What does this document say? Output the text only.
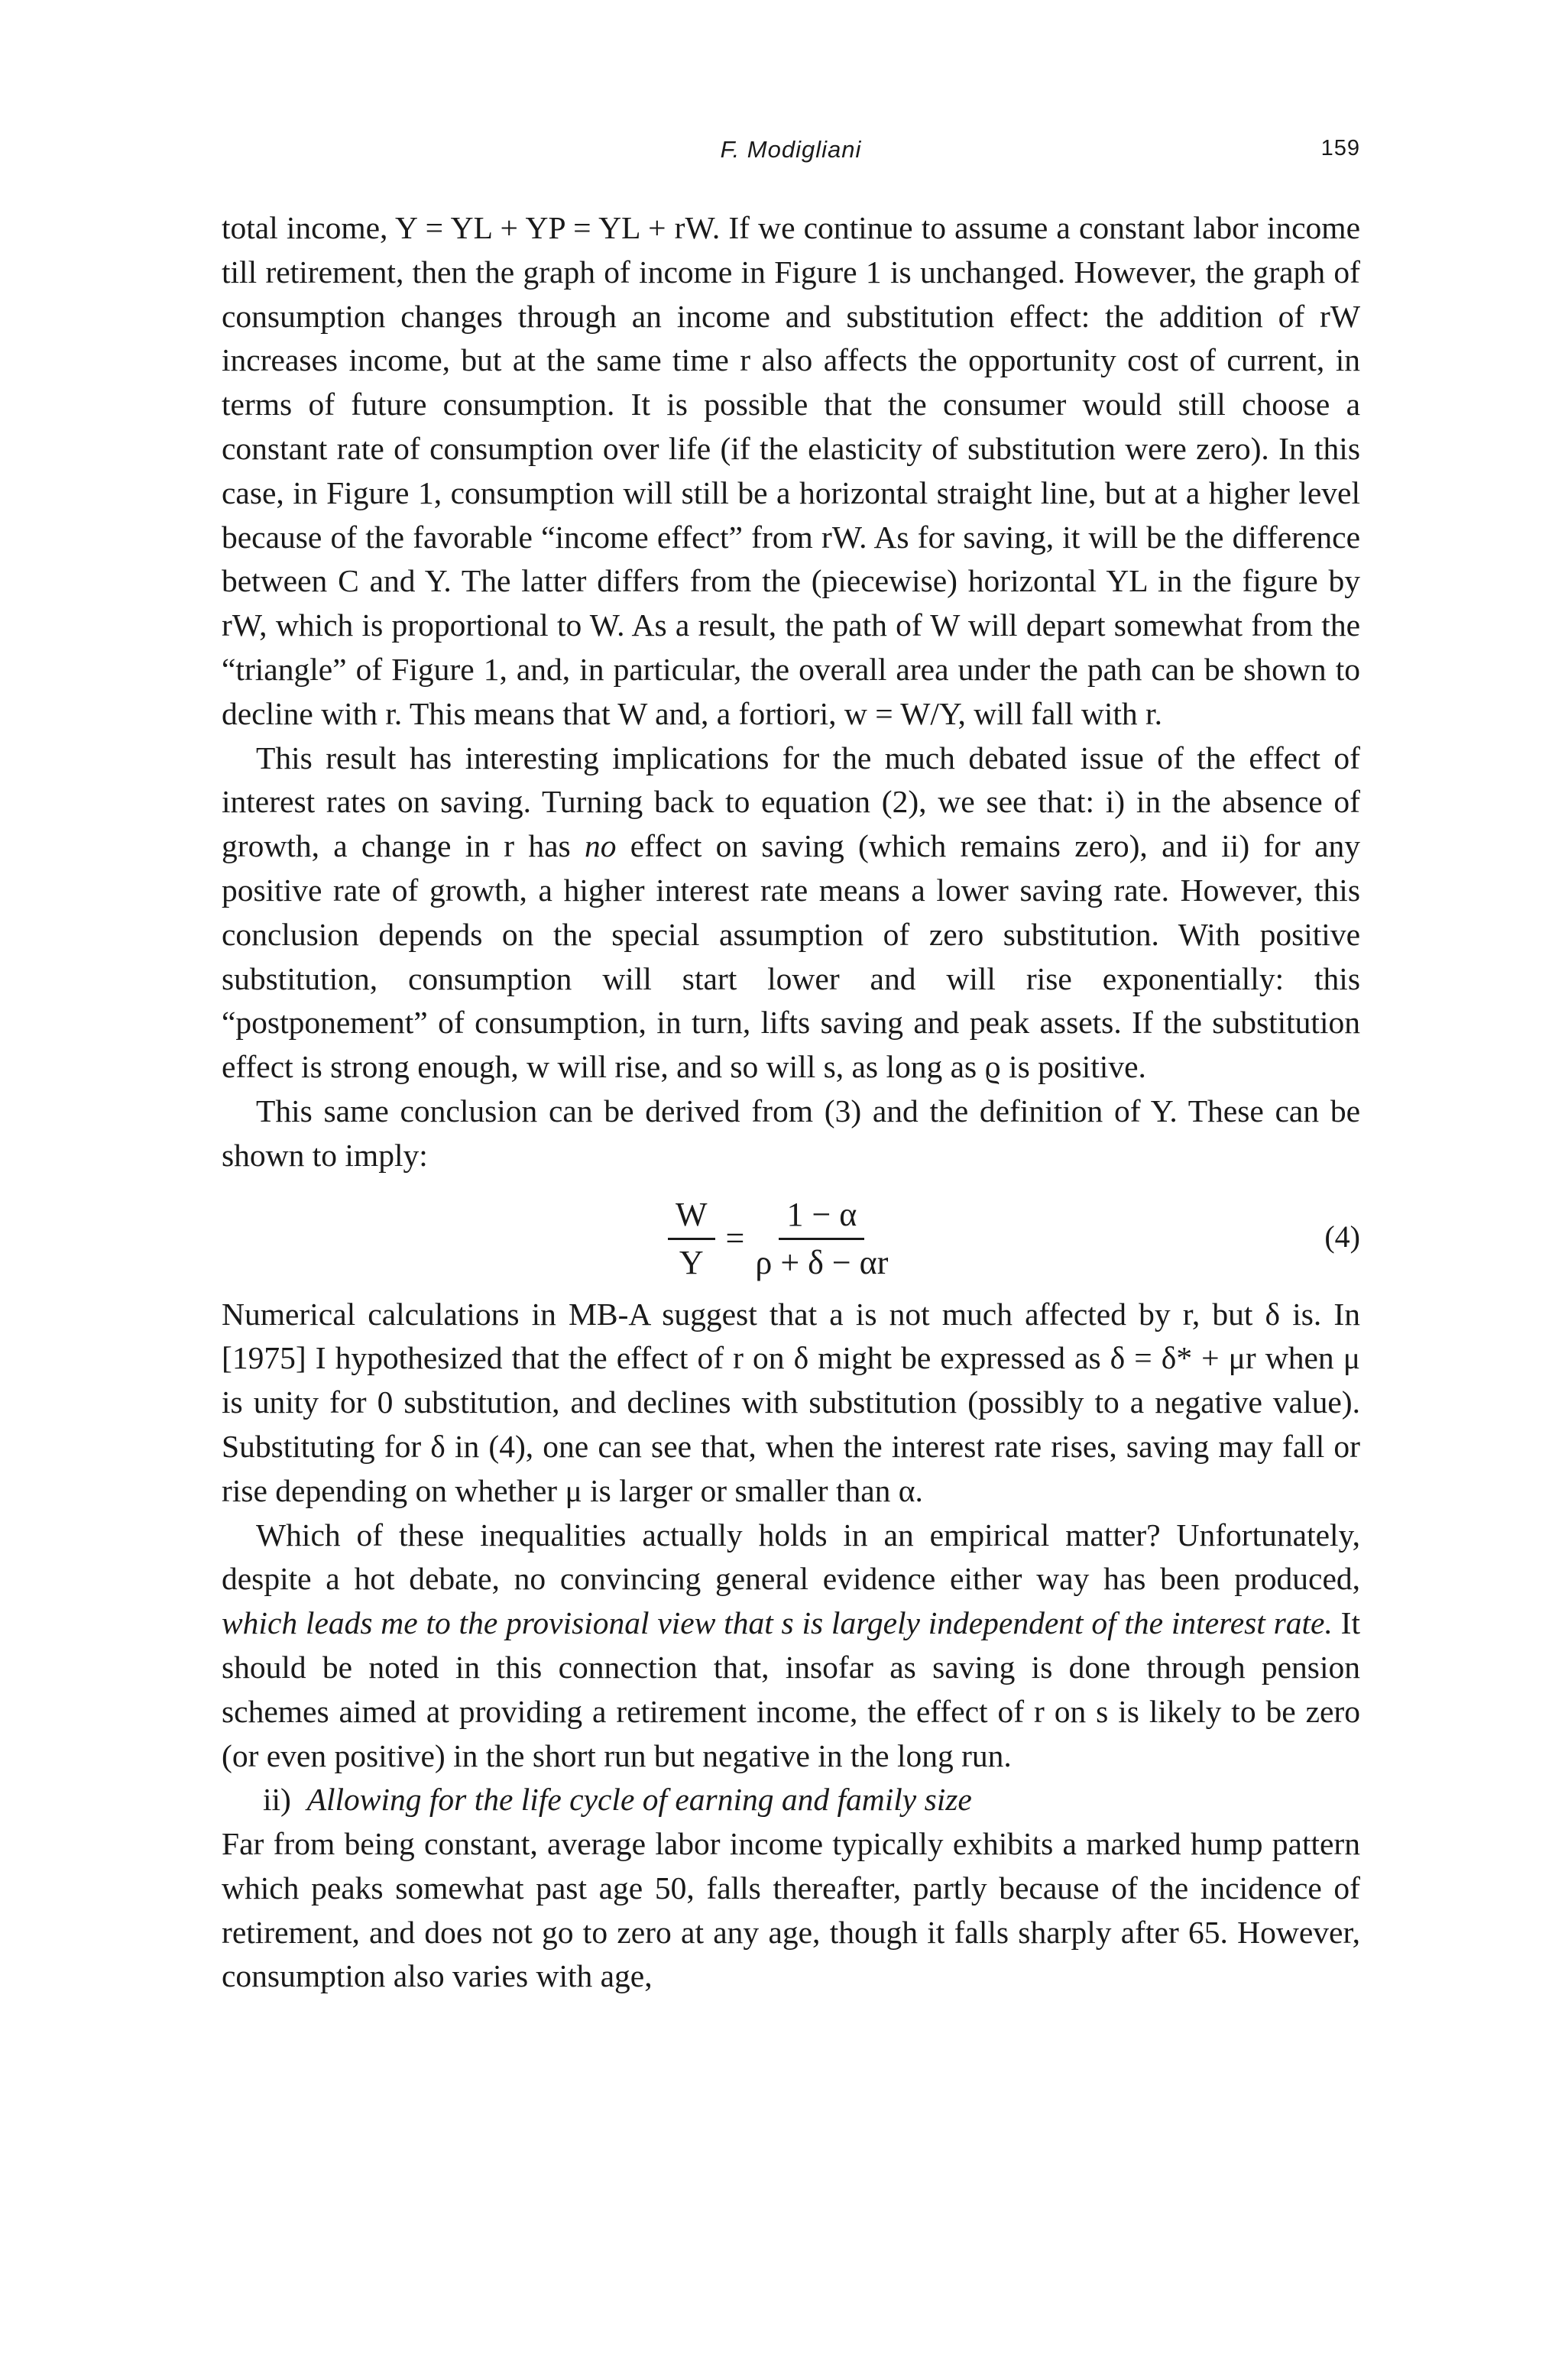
F. Modigliani	159

total income, Y = YL + YP = YL + rW. If we continue to assume a constant labor income till retirement, then the graph of income in Figure 1 is unchanged. However, the graph of consumption changes through an income and substitution effect: the addition of rW increases income, but at the same time r also affects the opportunity cost of current, in terms of future consumption. It is possible that the consumer would still choose a constant rate of consumption over life (if the elasticity of substitution were zero). In this case, in Figure 1, consumption will still be a horizontal straight line, but at a higher level because of the favorable “income effect” from rW. As for saving, it will be the difference between C and Y. The latter differs from the (piecewise) horizontal YL in the figure by rW, which is proportional to W. As a result, the path of W will depart somewhat from the “triangle” of Figure 1, and, in particular, the overall area under the path can be shown to decline with r. This means that W and, a fortiori, w = W/Y, will fall with r.

This result has interesting implications for the much debated issue of the effect of interest rates on saving. Turning back to equation (2), we see that: i) in the absence of growth, a change in r has no effect on saving (which remains zero), and ii) for any positive rate of growth, a higher interest rate means a lower saving rate. However, this conclusion depends on the special assumption of zero substitution. With positive substitution, consumption will start lower and will rise exponentially: this “postponement” of consumption, in turn, lifts saving and peak assets. If the substitution effect is strong enough, w will rise, and so will s, as long as ϱ is positive.

This same conclusion can be derived from (3) and the definition of Y. These can be shown to imply:

$\frac{W}{Y} = \frac{1 - \alpha}{\rho + \delta - \alpha r}$	(4)

Numerical calculations in MB-A suggest that a is not much affected by r, but δ is. In [1975] I hypothesized that the effect of r on δ might be expressed as δ = δ* + μr when μ is unity for 0 substitution, and declines with substitution (possibly to a negative value). Substituting for δ in (4), one can see that, when the interest rate rises, saving may fall or rise depending on whether μ is larger or smaller than α.

Which of these inequalities actually holds in an empirical matter? Unfortunately, despite a hot debate, no convincing general evidence either way has been produced, which leads me to the provisional view that s is largely independent of the interest rate. It should be noted in this connection that, insofar as saving is done through pension schemes aimed at providing a retirement income, the effect of r on s is likely to be zero (or even positive) in the short run but negative in the long run.

ii) Allowing for the life cycle of earning and family size

Far from being constant, average labor income typically exhibits a marked hump pattern which peaks somewhat past age 50, falls thereafter, partly because of the incidence of retirement, and does not go to zero at any age, though it falls sharply after 65. However, consumption also varies with age,
